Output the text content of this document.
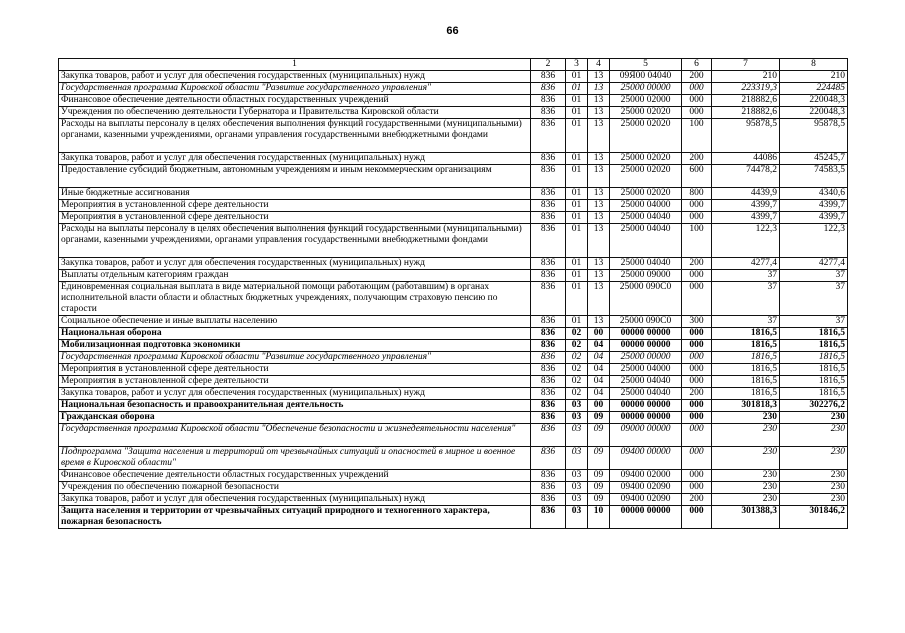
66
1	2	3	4	5	6	7	8
Закупка товаров, работ и услуг для обеспечения государственных (муниципальных) нужд	836	01	13	09Я00 04040	200	210	210
Государственная программа Кировской области "Развитие государственного управления"	836	01	13	25000 00000	000	223319,3	224485
Финансовое обеспечение деятельности областных государственных учреждений	836	01	13	25000 02000	000	218882,6	220048,3
Учреждения по обеспечению деятельности Губернатора и Правительства Кировской области	836	01	13	25000 02020	000	218882,6	220048,3
Расходы на выплаты персоналу в целях обеспечения выполнения функций государственными (муниципальными) органами, казенными учреждениями, органами управления государственными внебюджетными фондами	836	01	13	25000 02020	100	95878,5	95878,5
Закупка товаров, работ и услуг для обеспечения государственных (муниципальных) нужд	836	01	13	25000 02020	200	44086	45245,7
Предоставление субсидий бюджетным, автономным учреждениям и иным некоммерческим организациям	836	01	13	25000 02020	600	74478,2	74583,5
Иные бюджетные ассигнования	836	01	13	25000 02020	800	4439,9	4340,6
Мероприятия в установленной сфере деятельности	836	01	13	25000 04000	000	4399,7	4399,7
Мероприятия в установленной сфере деятельности	836	01	13	25000 04040	000	4399,7	4399,7
Расходы на выплаты персоналу в целях обеспечения выполнения функций государственными (муниципальными) органами, казенными учреждениями, органами управления государственными внебюджетными фондами	836	01	13	25000 04040	100	122,3	122,3
Закупка товаров, работ и услуг для обеспечения государственных (муниципальных) нужд	836	01	13	25000 04040	200	4277,4	4277,4
Выплаты отдельным категориям граждан	836	01	13	25000 09000	000	37	37
Единовременная социальная выплата в виде материальной помощи работающим (работавшим) в органах исполнительной власти области и областных бюджетных учреждениях, получающим страховую пенсию по старости	836	01	13	25000 090С0	000	37	37
Социальное обеспечение и иные выплаты населению	836	01	13	25000 090С0	300	37	37
Национальная оборона	836	02	00	00000 00000	000	1816,5	1816,5
Мобилизационная подготовка экономики	836	02	04	00000 00000	000	1816,5	1816,5
Государственная программа Кировской области "Развитие государственного управления"	836	02	04	25000 00000	000	1816,5	1816,5
Мероприятия в установленной сфере деятельности	836	02	04	25000 04000	000	1816,5	1816,5
Мероприятия в установленной сфере деятельности	836	02	04	25000 04040	000	1816,5	1816,5
Закупка товаров, работ и услуг для обеспечения государственных (муниципальных) нужд	836	02	04	25000 04040	200	1816,5	1816,5
Национальная безопасность и правоохранительная деятельность	836	03	00	00000 00000	000	301818,3	302276,2
Гражданская оборона	836	03	09	00000 00000	000	230	230
Государственная программа Кировской области "Обеспечение безопасности и жизнедеятельности населения"	836	03	09	09000 00000	000	230	230
Подпрограмма "Защита населения и территорий от чрезвычайных ситуаций и опасностей в мирное и военное время в Кировской области"	836	03	09	09400 00000	000	230	230
Финансовое обеспечение деятельности областных государственных учреждений	836	03	09	09400 02000	000	230	230
Учреждения по обеспечению пожарной безопасности	836	03	09	09400 02090	000	230	230
Закупка товаров, работ и услуг для обеспечения государственных (муниципальных) нужд	836	03	09	09400 02090	200	230	230
Защита населения и территории от чрезвычайных ситуаций природного и техногенного характера, пожарная безопасность	836	03	10	00000 00000	000	301388,3	301846,2
